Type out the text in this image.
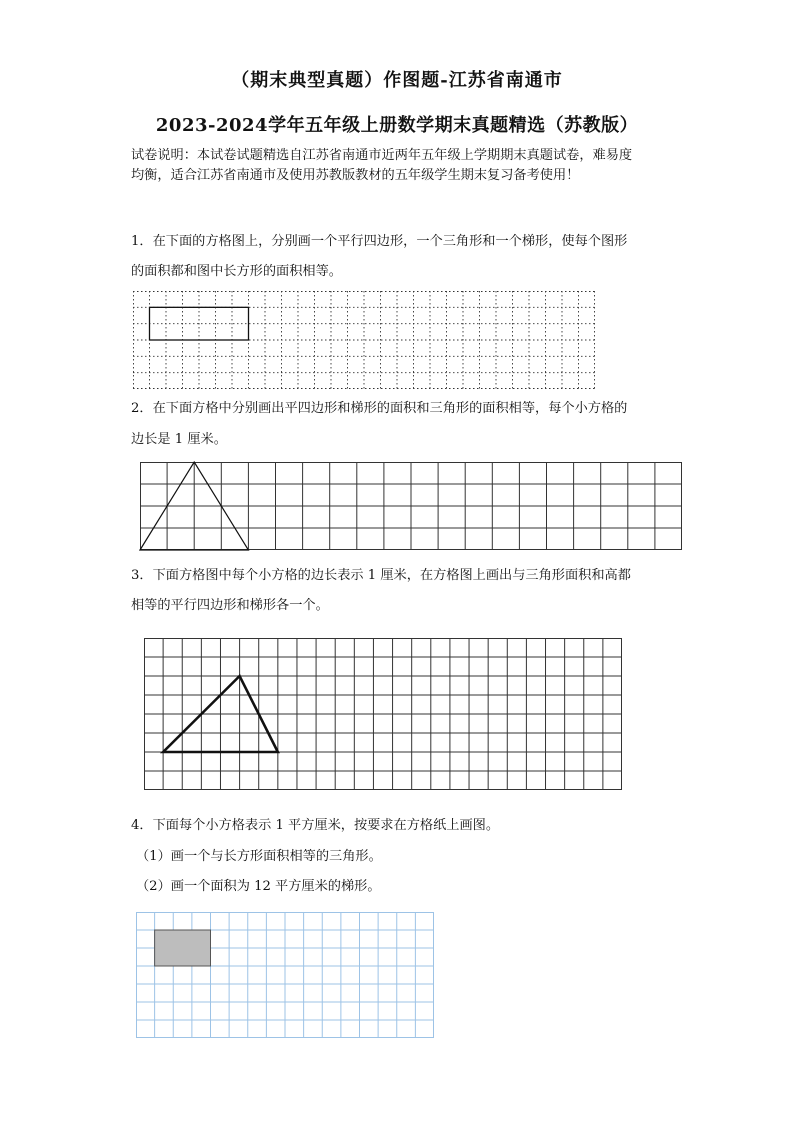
（期末典型真题）作图题-江苏省南通市
2023-2024学年五年级上册数学期末真题精选（苏教版）
试卷说明：本试卷试题精选自江苏省南通市近两年五年级上学期期末真题试卷，难易度
均衡，适合江苏省南通市及使用苏教版教材的五年级学生期末复习备考使用！
1．在下面的方格图上，分别画一个平行四边形，一个三角形和一个梯形，使每个图形
的面积都和图中长方形的面积相等。
2．在下面方格中分别画出平四边形和梯形的面积和三角形的面积相等，每个小方格的
边长是 1 厘米。
3．下面方格图中每个小方格的边长表示 1 厘米，在方格图上画出与三角形面积和高都
相等的平行四边形和梯形各一个。
4．下面每个小方格表示 1 平方厘米，按要求在方格纸上画图。
（1）画一个与长方形面积相等的三角形。
（2）画一个面积为 12 平方厘米的梯形。
